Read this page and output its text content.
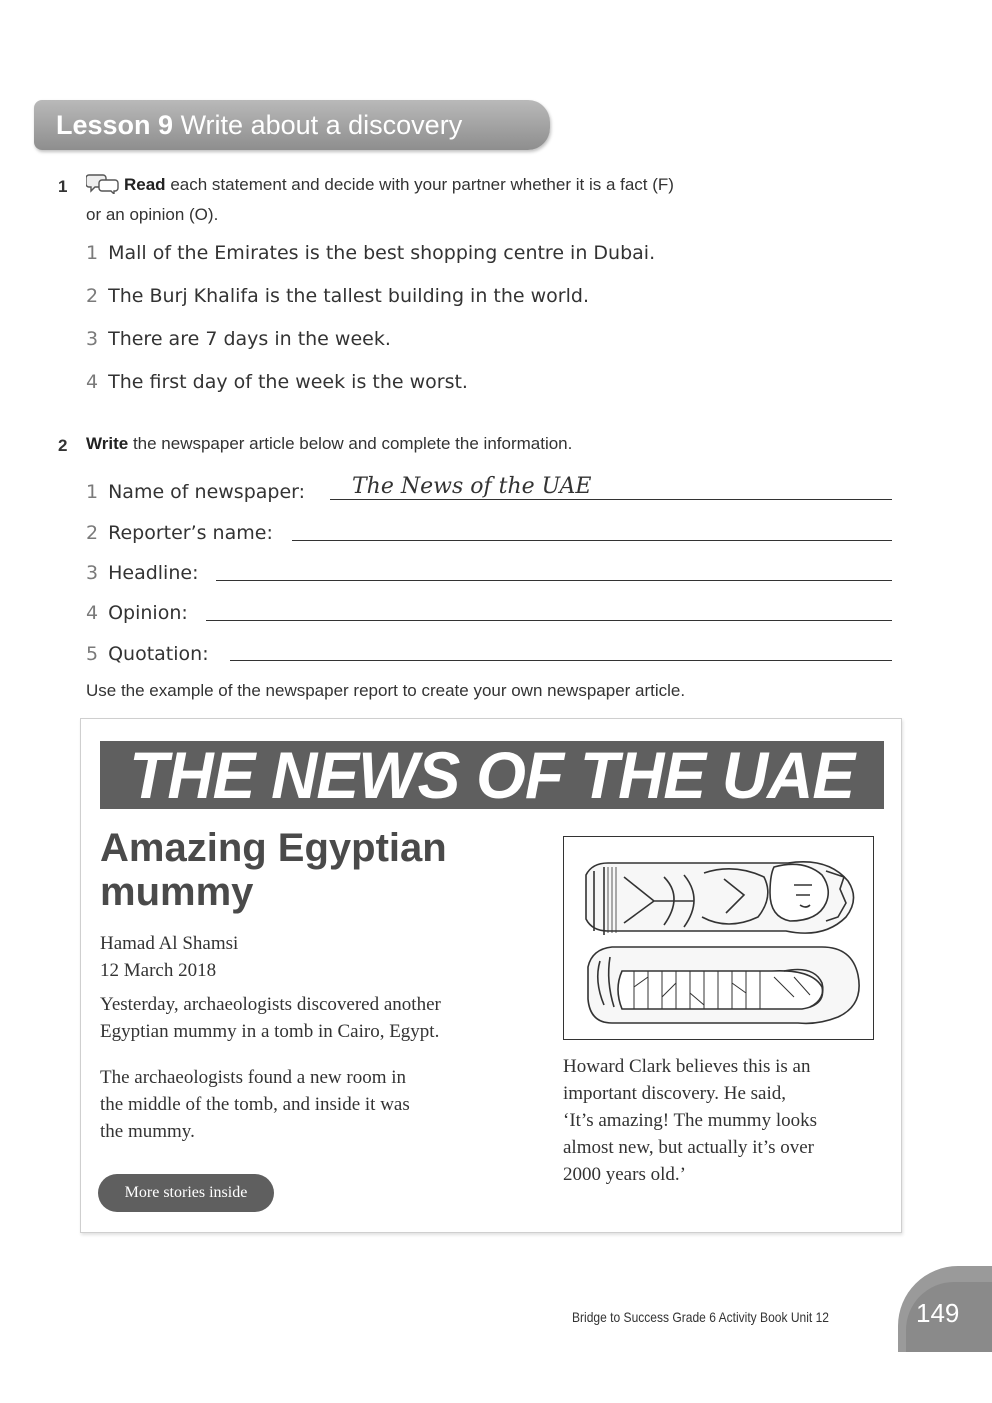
Lesson 9 Write about a discovery
1	Read each statement and decide with your partner whether it is a fact (F)
or an opinion (O).
1 Mall of the Emirates is the best shopping centre in Dubai.
2 The Burj Khalifa is the tallest building in the world.
3 There are 7 days in the week.
4 The first day of the week is the worst.
2 Write the newspaper article below and complete the information.
1 Name of newspaper: The News of the UAE
2 Reporter’s name:
3 Headline:
4 Opinion:
5 Quotation:
Use the example of the newspaper report to create your own newspaper article.
THE NEWS OF THE UAE
Amazing Egyptian
mummy
Hamad Al Shamsi
12 March 2018
Yesterday, archaeologists discovered another
Egyptian mummy in a tomb in Cairo, Egypt.
The archaeologists found a new room in
the middle of the tomb, and inside it was
the mummy.
More stories inside
Howard Clark believes this is an
important discovery. He said,
‘It’s amazing! The mummy looks
almost new, but actually it’s over
2000 years old.’
Bridge to Success Grade 6 Activity Book Unit 12	149
